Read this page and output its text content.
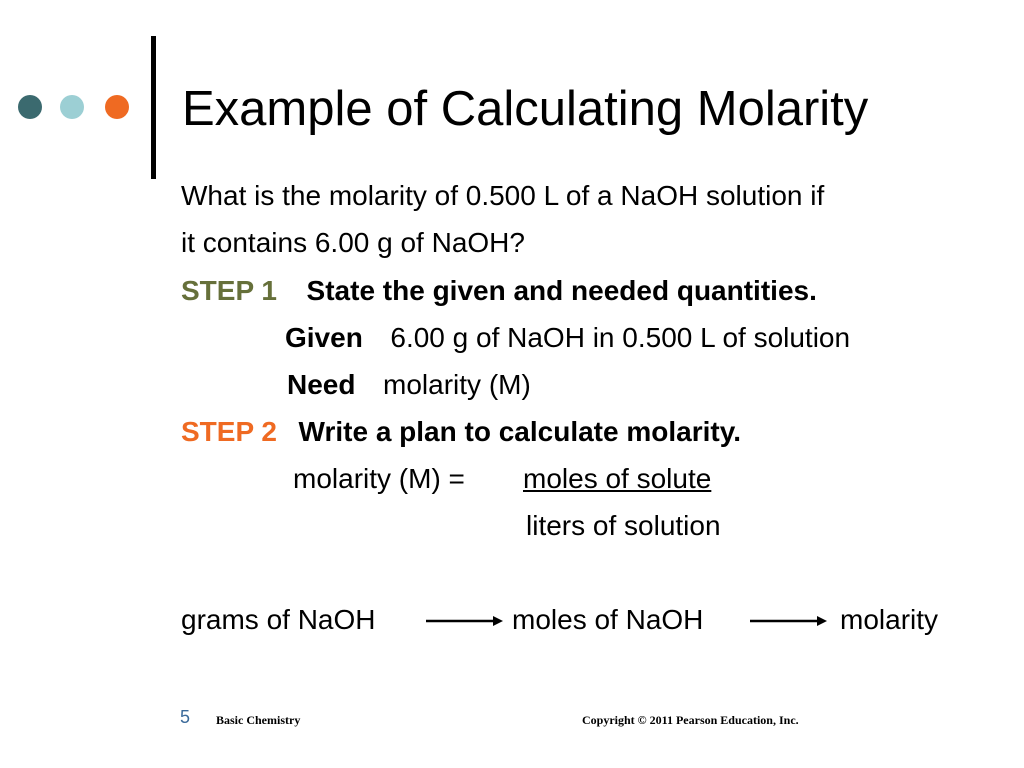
Example of Calculating Molarity
What is the molarity of 0.500 L of a NaOH solution if
it contains 6.00 g of NaOH?
STEP 1 State the given and needed quantities.
Given 6.00 g of NaOH in 0.500 L of solution
Need molarity (M)
STEP 2 Write a plan to calculate molarity.
molarity (M) = moles of solute
liters of solution
grams of NaOH	moles of NaOH	molarity
5 Basic Chemistry	Copyright © 2011 Pearson Education, Inc.
